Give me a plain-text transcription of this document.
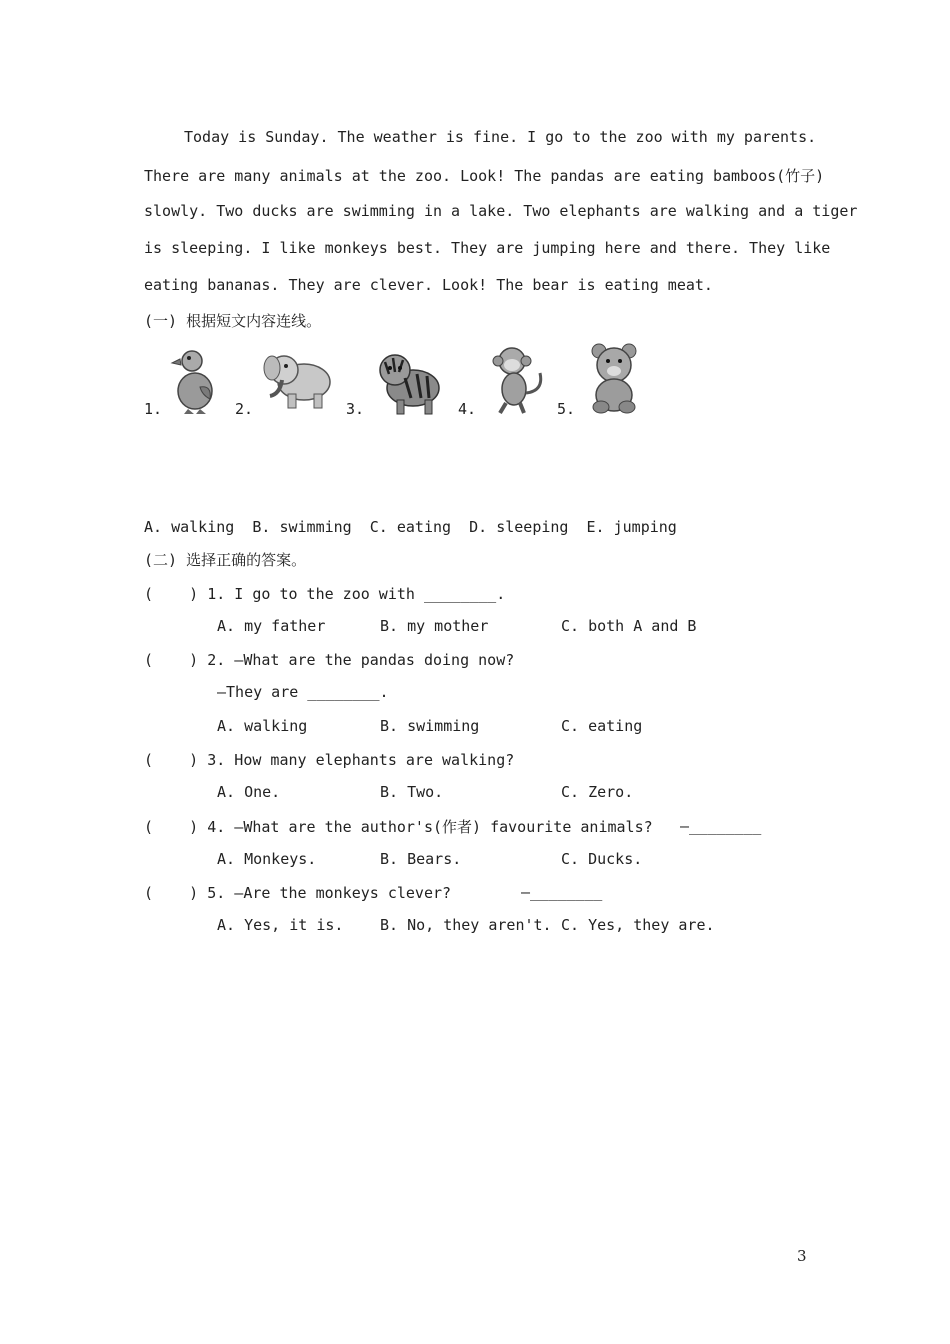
Today is Sunday. The weather is fine. I go to the zoo with my parents.
There are many animals at the zoo. Look! The pandas are eating bamboos(竹子)
slowly. Two ducks are swimming in a lake. Two elephants are walking and a tiger
is sleeping. I like monkeys best. They are jumping here and there. They like
eating bananas. They are clever. Look! The bear is eating meat.
(一) 根据短文内容连线。
1.	2.	3.	4.	5.
A. walking  B. swimming  C. eating  D. sleeping  E. jumping
(二) 选择正确的答案。
(    ) 1. I go to the zoo with ________.
A. my father	B. my mother	C. both A and B
(    ) 2. —What are the pandas doing now?
—They are ________.
A. walking	B. swimming	C. eating
(    ) 3. How many elephants are walking?
A. One.	B. Two.	C. Zero.
(    ) 4. —What are the author's(作者) favourite animals? —________
A. Monkeys.	B. Bears.	C. Ducks.
(    ) 5. —Are the monkeys clever?	—________
A. Yes, it is. B. No, they aren't. C. Yes, they are.
3
